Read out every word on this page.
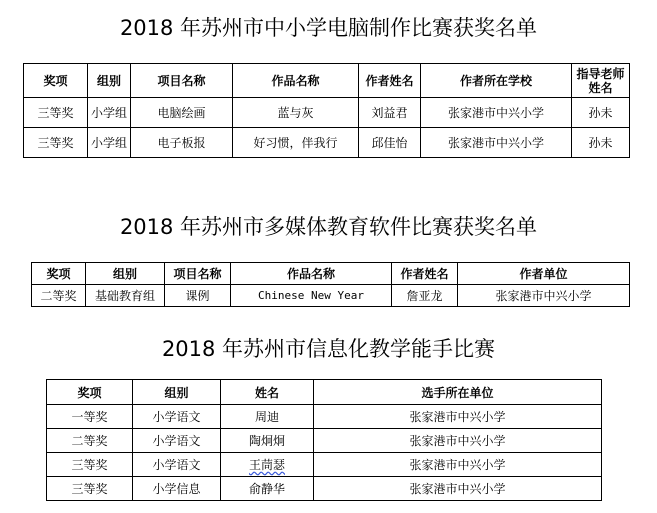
2018 年苏州市中小学电脑制作比赛获奖名单
奖项	组别	项目名称	作品名称	作者姓名	作者所在学校	指导老师姓名
三等奖	小学组	电脑绘画	蓝与灰	刘益君	张家港市中兴小学	孙未
三等奖	小学组	电子板报	好习惯，伴我行	邱佳怡	张家港市中兴小学	孙未
2018 年苏州市多媒体教育软件比赛获奖名单
奖项	组别	项目名称	作品名称	作者姓名	作者单位
二等奖	基础教育组	课例	Chinese New Year	詹亚龙	张家港市中兴小学
2018 年苏州市信息化教学能手比赛
奖项	组别	姓名	选手所在单位
一等奖	小学语文	周迪	张家港市中兴小学
二等奖	小学语文	陶炯炯	张家港市中兴小学
三等奖	小学语文	王茼瑟	张家港市中兴小学
三等奖	小学信息	俞静华	张家港市中兴小学
